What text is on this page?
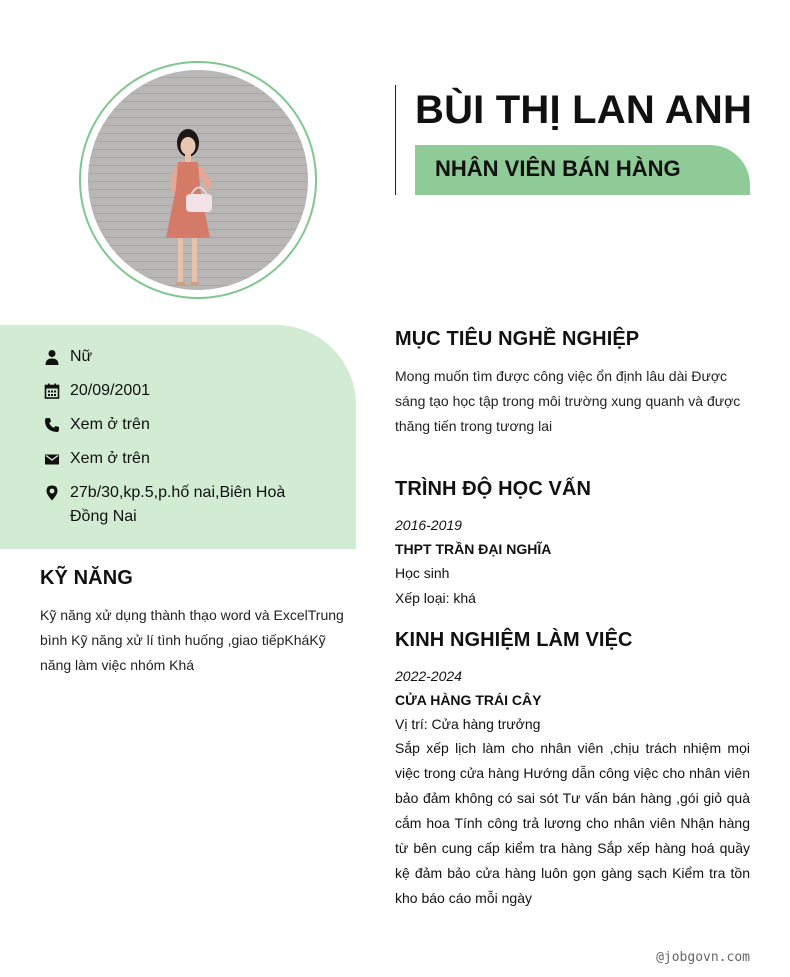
BÙI THỊ LAN ANH
NHÂN VIÊN BÁN HÀNG
Nữ
20/09/2001
Xem ở trên
Xem ở trên
27b/30,kp.5,p.hố nai,Biên Hoà Đồng Nai
KỸ NĂNG
Kỹ năng xử dụng thành thạo word và ExcelTrung bình Kỹ năng xử lí tình huống ,giao tiếpKháKỹ năng làm việc nhóm Khá
MỤC TIÊU NGHỀ NGHIỆP
Mong muốn tìm được công việc ổn định lâu dài Được sáng tạo học tập trong môi trường xung quanh và được thăng tiến trong tương lai
TRÌNH ĐỘ HỌC VẤN
2016-2019
THPT TRẦN ĐẠI NGHĨA
Học sinh
Xếp loại: khá
KINH NGHIỆM LÀM VIỆC
2022-2024
CỬA HÀNG TRÁI CÂY
Vị trí: Cửa hàng trưởng
Sắp xếp lịch làm cho nhân viên ,chịu trách nhiệm mọi việc trong cửa hàng Hướng dẫn công việc cho nhân viên bảo đảm không có sai sót Tư vấn bán hàng ,gói giỏ quà cắm hoa Tính công trả lương cho nhân viên Nhận hàng từ bên cung cấp kiểm tra hàng Sắp xếp hàng hoá quầy kệ đảm bảo cửa hàng luôn gọn gàng sạch Kiểm tra tồn kho báo cáo mỗi ngày
@jobgovn.com
